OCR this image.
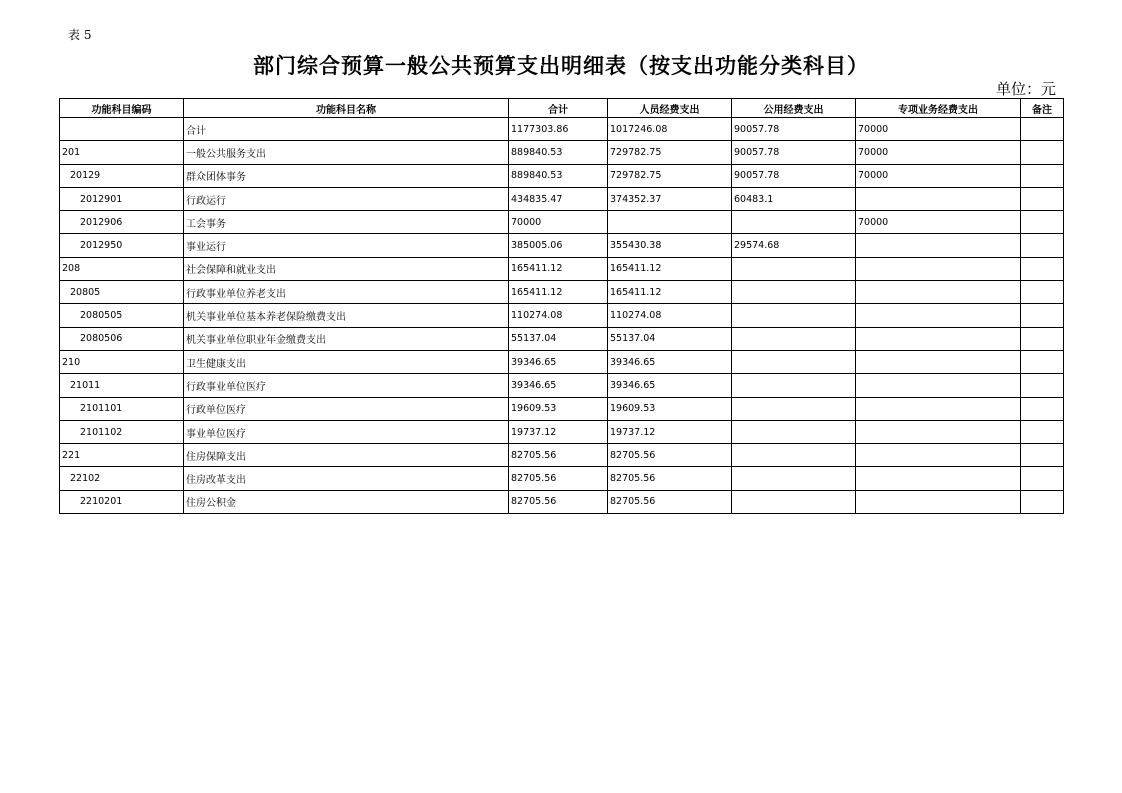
表 5
部门综合预算一般公共预算支出明细表（按支出功能分类科目）
单位：元
功能科目编码	功能科目名称	合计	人员经费支出	公用经费支出	专项业务经费支出	备注
	合计	1177303.86	1017246.08	90057.78	70000	
201	一般公共服务支出	889840.53	729782.75	90057.78	70000	
20129	群众团体事务	889840.53	729782.75	90057.78	70000	
2012901	行政运行	434835.47	374352.37	60483.1		
2012906	工会事务	70000			70000	
2012950	事业运行	385005.06	355430.38	29574.68		
208	社会保障和就业支出	165411.12	165411.12			
20805	行政事业单位养老支出	165411.12	165411.12			
2080505	机关事业单位基本养老保险缴费支出	110274.08	110274.08			
2080506	机关事业单位职业年金缴费支出	55137.04	55137.04			
210	卫生健康支出	39346.65	39346.65			
21011	行政事业单位医疗	39346.65	39346.65			
2101101	行政单位医疗	19609.53	19609.53			
2101102	事业单位医疗	19737.12	19737.12			
221	住房保障支出	82705.56	82705.56			
22102	住房改革支出	82705.56	82705.56			
2210201	住房公积金	82705.56	82705.56			
